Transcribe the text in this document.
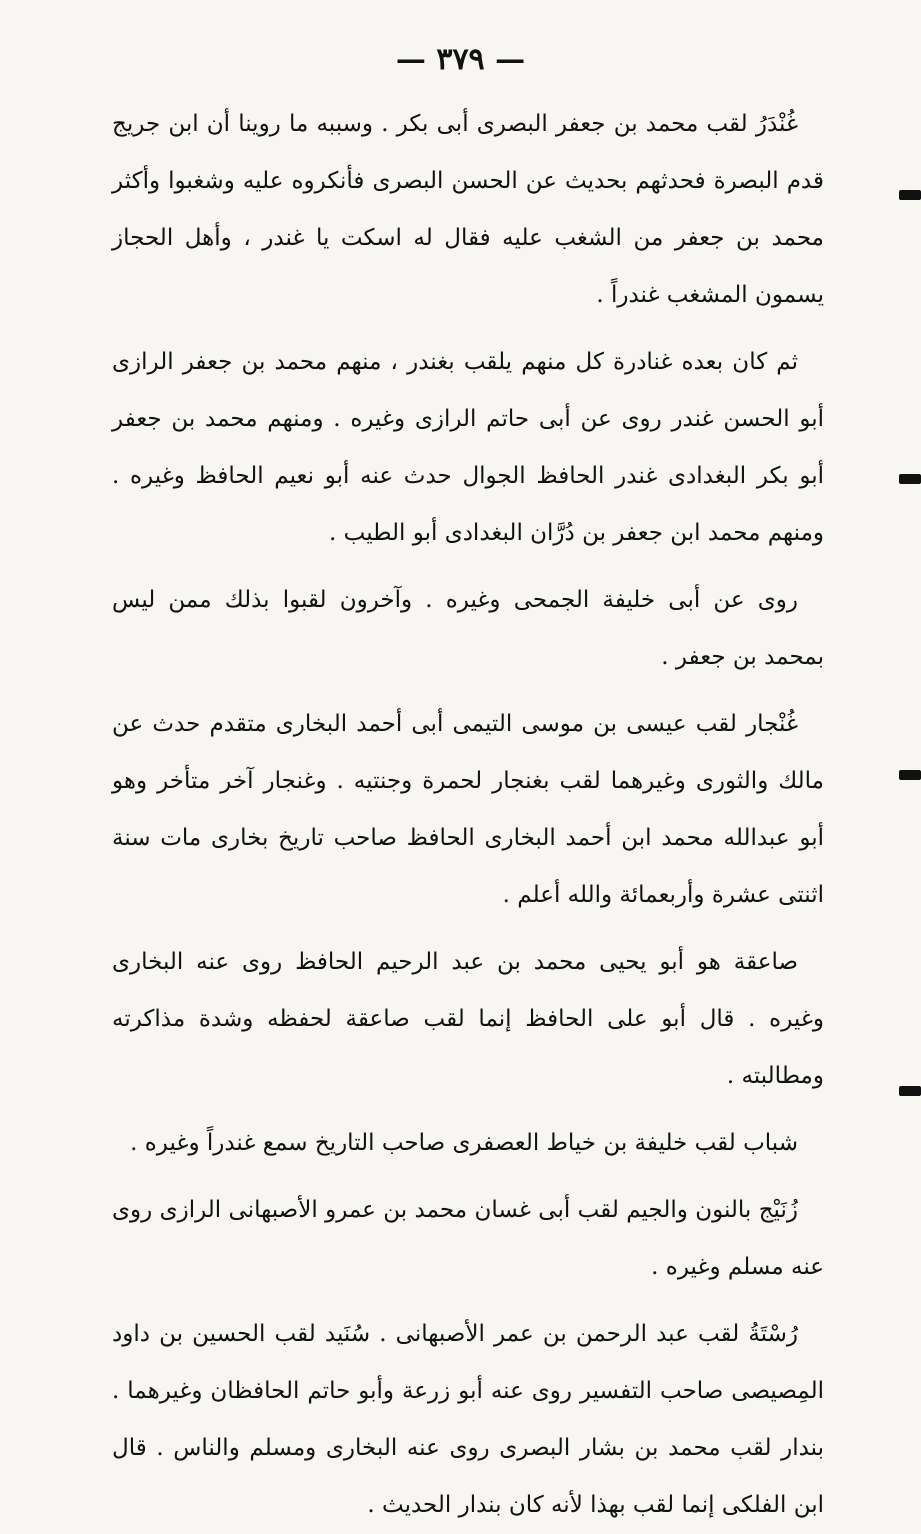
— ٣٧٩ —

غُنْدَرُ لقب محمد بن جعفر البصرى أبى بكر . وسببه ما روينا أن ابن جريج قدم البصرة فحدثهم بحديث عن الحسن البصرى فأنكروه عليه وشغبوا وأكثر محمد بن جعفر من الشغب عليه فقال له اسكت يا غندر ، وأهل الحجاز يسمون المشغب غندراً .

ثم كان بعده غنادرة كل منهم يلقب بغندر ، منهم محمد بن جعفر الرازى أبو الحسن غندر روى عن أبى حاتم الرازى وغيره . ومنهم محمد بن جعفر أبو بكر البغدادى غندر الحافظ الجوال حدث عنه أبو نعيم الحافظ وغيره . ومنهم محمد ابن جعفر بن دُرَّان البغدادى أبو الطيب .

روى عن أبى خليفة الجمحى وغيره . وآخرون لقبوا بذلك ممن ليس بمحمد بن جعفر .

غُنْجار لقب عيسى بن موسى التيمى أبى أحمد البخارى متقدم حدث عن مالك والثورى وغيرهما لقب بغنجار لحمرة وجنتيه . وغنجار آخر متأخر وهو أبو عبدالله محمد ابن أحمد البخارى الحافظ صاحب تاريخ بخارى مات سنة اثنتى عشرة وأربعمائة والله أعلم .

صاعقة هو أبو يحيى محمد بن عبد الرحيم الحافظ روى عنه البخارى وغيره . قال أبو على الحافظ إنما لقب صاعقة لحفظه وشدة مذاكرته ومطالبته .

شباب لقب خليفة بن خياط العصفرى صاحب التاريخ سمع غندراً وغيره .

زُنَيْج بالنون والجيم لقب أبى غسان محمد بن عمرو الأصبهانى الرازى روى عنه مسلم وغيره .

رُسْتَةُ لقب عبد الرحمن بن عمر الأصبهانى . سُنَيد لقب الحسين بن داود المِصيصى صاحب التفسير روى عنه أبو زرعة وأبو حاتم الحافظان وغيرهما . بندار لقب محمد بن بشار البصرى روى عنه البخارى ومسلم والناس . قال ابن الفلكى إنما لقب بهذا لأنه كان بندار الحديث .
